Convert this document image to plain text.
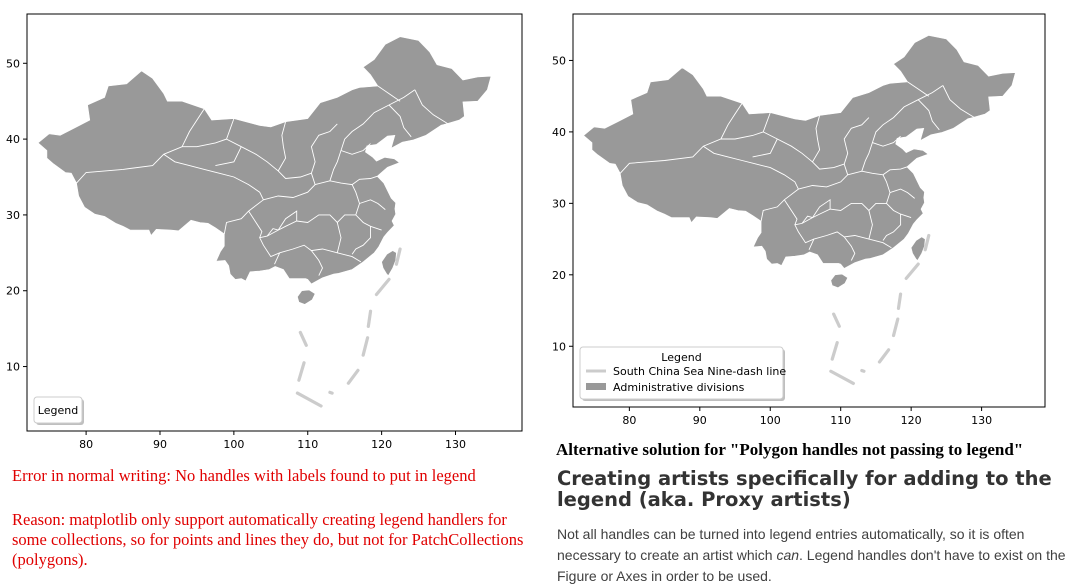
80	90	100	110	120	130
10
20
30
40
50
Legend
80	90	100	110	120	130
10
20
30
40
50
Legend
South China Sea Nine-dash line
Administrative divisions
Error in normal writing: No handles with labels found to put in legend
Reason: matplotlib only support automatically creating legend handlers for some collections, so for points and lines they do, but not for PatchCollections (polygons).
Alternative solution for "Polygon handles not passing to legend"
Creating artists specifically for adding to the legend (aka. Proxy artists)
Not all handles can be turned into legend entries automatically, so it is often necessary to create an artist which can. Legend handles don't have to exist on the Figure or Axes in order to be used.
